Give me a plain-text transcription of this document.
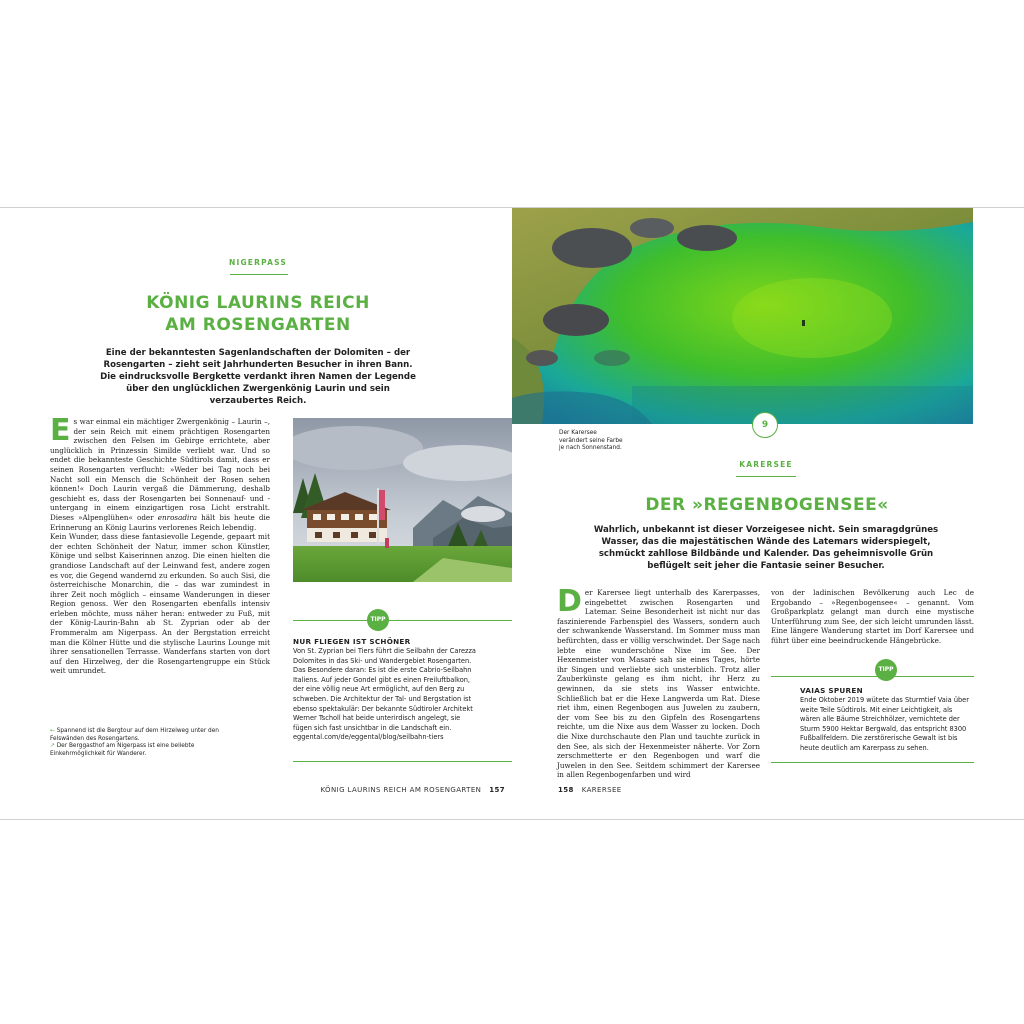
NIGERPASS
KÖNIG LAURINS REICH
AM ROSENGARTEN
Eine der bekanntesten Sagenlandschaften der Dolomiten – der Rosengarten – zieht seit Jahrhunderten Besucher in ihren Bann. Die eindrucksvolle Bergkette verdankt ihren Namen der Legende über den unglücklichen Zwergenkönig Laurin und sein verzaubertes Reich.

Es war einmal ein mächtiger Zwergenkönig – Laurin –, der sein Reich mit einem prächtigen Rosengarten zwischen den Felsen im Gebirge errichtete, aber unglücklich in Prinzessin Similde verliebt war. Und so endet die bekannteste Geschichte Südtirols damit, dass er seinen Rosengarten verflucht: »Weder bei Tag noch bei Nacht soll ein Mensch die Schönheit der Rosen sehen können!« Doch Laurin vergaß die Dämmerung, deshalb geschieht es, dass der Rosengarten bei Sonnenauf- und -untergang in einem einzigartigen rosa Licht erstrahlt. Dieses »Alpenglühen« oder enrosadira hält bis heute die Erinnerung an König Laurins verlorenes Reich lebendig.

Kein Wunder, dass diese fantasievolle Legende, gepaart mit der echten Schönheit der Natur, immer schon Künstler, Könige und selbst Kaiserinnen anzog. Die einen hielten die grandiose Landschaft auf der Leinwand fest, andere zogen es vor, die Gegend wandernd zu erkunden. So auch Sisi, die österreichische Monarchin, die – das war zumindest in ihrer Zeit noch möglich – einsame Wanderungen in dieser Region genoss. Wer den Rosengarten ebenfalls intensiv erleben möchte, muss näher heran: entweder zu Fuß, mit der König-Laurin-Bahn ab St. Zyprian oder ab der Frommeralm am Nigerpass. An der Bergstation erreicht man die Kölner Hütte und die stylische Laurins Lounge mit ihrer sensationellen Terrasse. Wanderfans starten von dort auf den Hirzelweg, der die Rosengartengruppe ein Stück weit umrundet.

← Spannend ist die Bergtour auf dem Hirzelweg unter den Felswänden des Rosengartens.
↗ Der Berggasthof am Nigerpass ist eine beliebte Einkehrmöglichkeit für Wanderer.
TIPP
NUR FLIEGEN IST SCHÖNER
Von St. Zyprian bei Tiers führt die Seilbahn der Carezza Dolomites in das Ski- und Wandergebiet Rosengarten. Das Besondere daran: Es ist die erste Cabrio-Seilbahn Italiens. Auf jeder Gondel gibt es einen Freiluftbalkon, der eine völlig neue Art ermöglicht, auf den Berg zu schweben. Die Architektur der Tal- und Bergstation ist ebenso spektakulär: Der bekannte Südtiroler Architekt Werner Tscholl hat beide unterirdisch angelegt, sie fügen sich fast unsichtbar in die Landschaft ein.
eggental.com/de/eggental/blog/seilbahn-tiers
KÖNIG LAURINS REICH AM ROSENGARTEN 157
Der Karersee verändert seine Farbe je nach Sonnenstand.
9
KARERSEE
DER »REGENBOGENSEE«
Wahrlich, unbekannt ist dieser Vorzeigesee nicht. Sein smaragdgrünes Wasser, das die majestätischen Wände des Latemars widerspiegelt, schmückt zahllose Bildbände und Kalender. Das geheimnisvolle Grün beflügelt seit jeher die Fantasie seiner Besucher.

Der Karersee liegt unterhalb des Karerpasses, eingebettet zwischen Rosengarten und Latemar. Seine Besonderheit ist nicht nur das faszinierende Farbenspiel des Wassers, sondern auch der schwankende Wasserstand. Im Sommer muss man befürchten, dass er völlig verschwindet. Der Sage nach lebte eine wunderschöne Nixe im See. Der Hexenmeister von Masaré sah sie eines Tages, hörte ihr Singen und verliebte sich unsterblich. Trotz aller Zauberkünste gelang es ihm nicht, ihr Herz zu gewinnen, da sie stets ins Wasser entwichte. Schließlich bat er die Hexe Langwerda um Rat. Diese riet ihm, einen Regenbogen aus Juwelen zu zaubern, der vom See bis zu den Gipfeln des Rosengartens reichte, um die Nixe aus dem Wasser zu locken. Doch die Nixe durchschaute den Plan und tauchte zurück in den See, als sich der Hexenmeister näherte. Vor Zorn zerschmetterte er den Regenbogen und warf die Juwelen in den See. Seitdem schimmert der Karersee in allen Regenbogenfarben und wird

von der ladinischen Bevölkerung auch Lec de Ergobando – »Regenbogensee« – genannt. Vom Großparkplatz gelangt man durch eine mystische Unterführung zum See, der sich leicht umrunden lässt. Eine längere Wanderung startet im Dorf Karersee und führt über eine beeindruckende Hängebrücke.
TIPP
VAIAS SPUREN
Ende Oktober 2019 wütete das Sturmtief Vaia über weite Teile Südtirols. Mit einer Leichtigkeit, als wären alle Bäume Streichhölzer, vernichtete der Sturm 5900 Hektar Bergwald, das entspricht 8300 Fußballfeldern. Die zerstörerische Gewalt ist bis heute deutlich am Karerpass zu sehen.
158 KARERSEE
